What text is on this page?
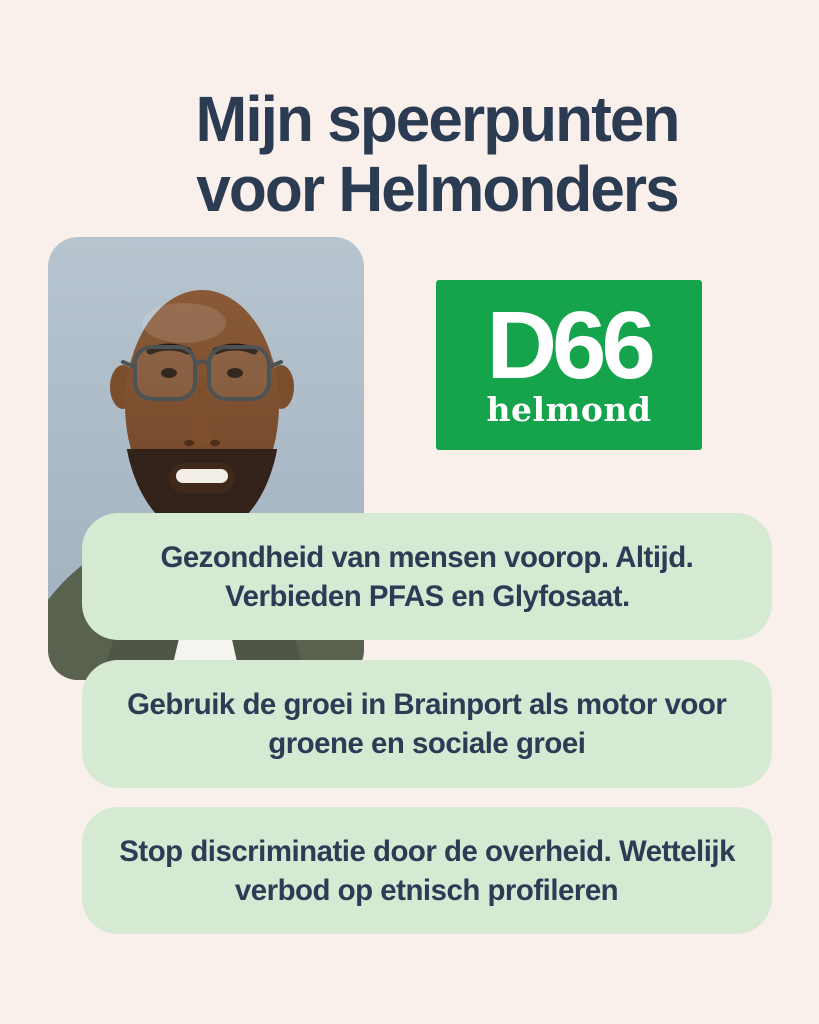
Mijn speerpunten
voor Helmonders
D66
helmond
Gezondheid van mensen voorop. Altijd.
Verbieden PFAS en Glyfosaat.
Gebruik de groei in Brainport als motor voor
groene en sociale groei
Stop discriminatie door de overheid. Wettelijk
verbod op etnisch profileren
